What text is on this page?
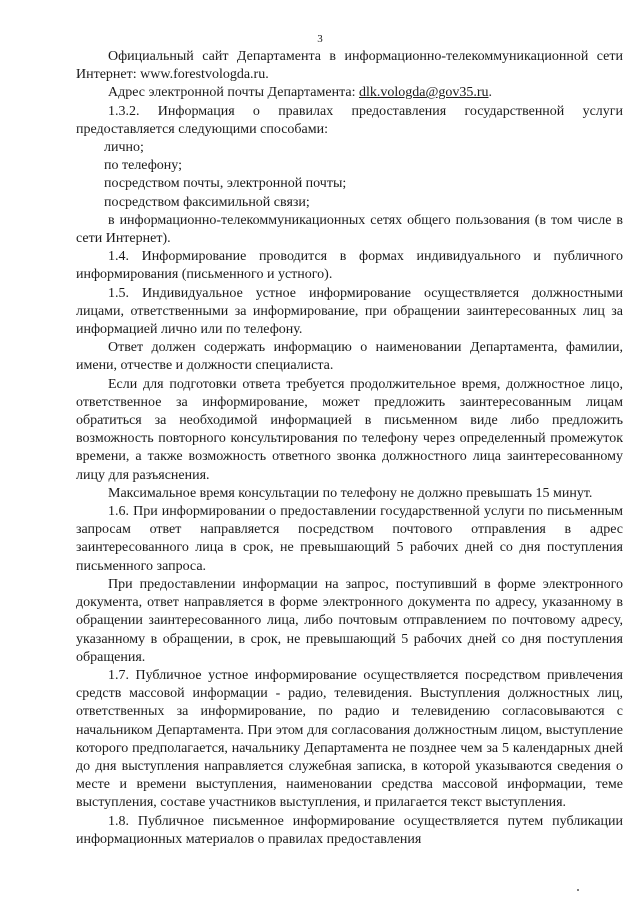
3

Официальный сайт Департамента в информационно-телекоммуникационной сети Интернет: www.forestvologda.ru.

Адрес электронной почты Департамента: dlk.vologda@gov35.ru.

1.3.2. Информация о правилах предоставления государственной услуги предоставляется следующими способами:

лично;

по телефону;

посредством почты, электронной почты;

посредством факсимильной связи;

в информационно-телекоммуникационных сетях общего пользования (в том числе в сети Интернет).

1.4. Информирование проводится в формах индивидуального и публичного информирования (письменного и устного).

1.5. Индивидуальное устное информирование осуществляется должностными лицами, ответственными за информирование, при обращении заинтересованных лиц за информацией лично или по телефону.

Ответ должен содержать информацию о наименовании Департамента, фамилии, имени, отчестве и должности специалиста.

Если для подготовки ответа требуется продолжительное время, должностное лицо, ответственное за информирование, может предложить заинтересованным лицам обратиться за необходимой информацией в письменном виде либо предложить возможность повторного консультирования по телефону через определенный промежуток времени, а также возможность ответного звонка должностного лица заинтересованному лицу для разъяснения.

Максимальное время консультации по телефону не должно превышать 15 минут.

1.6. При информировании о предоставлении государственной услуги по письменным запросам ответ направляется посредством почтового отправления в адрес заинтересованного лица в срок, не превышающий 5 рабочих дней со дня поступления письменного запроса.

При предоставлении информации на запрос, поступивший в форме электронного документа, ответ направляется в форме электронного документа по адресу, указанному в обращении заинтересованного лица, либо почтовым отправлением по почтовому адресу, указанному в обращении, в срок, не превышающий 5 рабочих дней со дня поступления обращения.

1.7. Публичное устное информирование осуществляется посредством привлечения средств массовой информации - радио, телевидения. Выступления должностных лиц, ответственных за информирование, по радио и телевидению согласовываются с начальником Департамента. При этом для согласования должностным лицом, выступление которого предполагается, начальнику Департамента не позднее чем за 5 календарных дней до дня выступления направляется служебная записка, в которой указываются сведения о месте и времени выступления, наименовании средства массовой информации, теме выступления, составе участников выступления, и прилагается текст выступления.

1.8. Публичное письменное информирование осуществляется путем публикации информационных материалов о правилах предоставления
